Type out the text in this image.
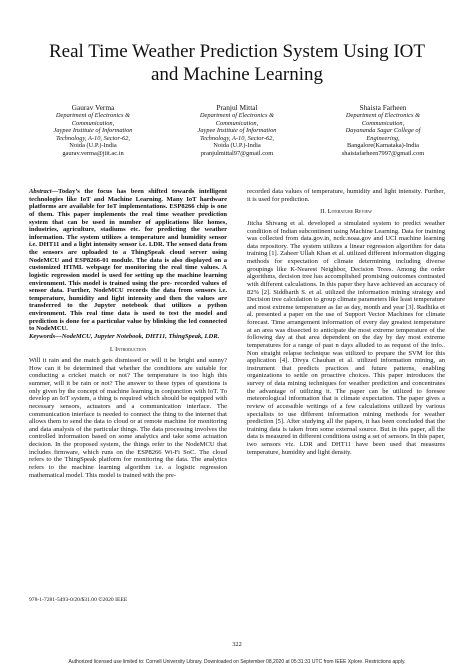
Real Time Weather Prediction System Using IOT
and Machine Learning
Gaurav Verma
Department of Electronics &
Communication,
Jaypee Institute of Information
Technology, A-10, Sector-62,
Noida (U.P.)-India
gaurav.verma@jiit.ac.in
Pranjul Mittal
Department of Electronics &
Communication,
Jaypee Institute of Information
Technology, A-10, Sector-62,
Noida (U.P.)-India
pranjulmittal97@gmail.com
Shaista Farheen
Department of Electronics &
Communication,
Dayananda Sagar College of
Engineering,
Bangalore(Karnataka)-India
shaistafarheen7997@gmail.com

Abstract—Today’s the focus has been shifted towards intelligent technologies like IoT and Machine Learning. Many IoT hardware platforms are available for IoT implementations. ESP8266 chip is one of them. This paper implements the real time weather prediction system that can be used in number of applications like homes, industries, agriculture, stadiums etc. for predicting the weather information. The system utilizes a temperature and humidity sensor i.e. DHT11 and a light intensity sensor i.e. LDR. The sensed data from the sensors are uploaded to a ThingSpeak cloud server using NodeMCU and ESP8266-01 module. The data is also displayed on a customized HTML webpage for monitoring the real time values. A logistic regression model is used for setting up the machine learning environment. This model is trained using the pre- recorded values of sensor data. Further, NodeMCU records the data from sensors i.e. temperature, humidity and light intensity and then the values are transferred to the Jupyter notebook that utilizes a python environment. This real time data is used to test the model and prediction is done for a particular value by blinking the led connected to NodeMCU.

Keywords—NodeMCU, Jupyter Notebook, DHT11, ThingSpeak, LDR.

I. Introduction

Will it rain and the match gets dismissed or will it be bright and sunny? How can it be determined that whether the conditions are suitable for conducting a cricket match or not? The temperature is too high this summer, will it be rain or not? The answer to these types of questions is only given by the concept of machine learning in conjunction with IoT. To develop an IoT system, a thing is required which should be equipped with necessary sensors, actuators and a communication interface. The communication interface is needed to connect the thing to the internet that allows them to send the data to cloud or at remote machine for monitoring and data analysis of the particular things. The data processing involves the controlled information based on some analytics and take some actuation decision. In the proposed system, the things refer to the NodeMCU that includes firmware, which runs on the ESP8266 Wi-Fi SoC. The cloud refers to the ThingSpeak platform for monitoring the data. The analytics refers to the machine learning algorithm i.e. a logistic regression mathematical model. This model is trained with the pre-

recorded data values of temperature, humidity and light intensity. Further, it is used for prediction.

II. Literature Review

Jitcha Shivang et al. developed a simulated system to predict weather condition of Indian subcontinent using Machine Learning. Data for training was collected from data.gov.in, ncdc.noaa.gov and UCI machine learning data repository. The system utilizes a linear regression algorithm for data training [1]. Zaheer Ullah Khan et al. utilized different information digging methods for expectation of climate determining including diverse groupings like K-Nearest Neighbor, Decision Trees. Among the order algorithms, decision tree has accomplished promising outcomes contrasted with different calculations. In this paper they have achieved an accuracy of 82% [2]. Siddharth S. et al. utilized the information mining strategy and Decision tree calculation to group climate parameters like least temperature and most extreme temperature as far as day, month and year [3]. Radhika et al. presented a paper on the use of Support Vector Machines for climate forecast. Time arrangement information of every day greatest temperature at an area was dissected to anticipate the most extreme temperature of the following day at that area dependent on the day by day most extreme temperatures for a range of past n days alluded to as request of the info.. Non straight relapse technique was utilized to prepare the SVM for this application [4]. Divya Chauhan et al. utilized information mining, an instrument that predicts practices and future patterns, enabling organizations to settle on proactive choices. This paper introduces the survey of data mining techniques for weather prediction and concentrates the advantage of utilizing it. The paper can be utilized to foresee meteorological information that is climate expectation. The paper gives a review of accessible writings of a few calculations utilized by various specialists to use different information mining methods for weather prediction [5]. After studying all the papers, it has been concluded that the training data is taken from some external source. But in this paper, all the data is measured in different conditions using a set of sensors. In this paper, two sensors viz. LDR and DHT11 have been used that measures temperature, humidity and light density.

978-1-7281-5493-0/20/$31.00 ©2020 IEEE
322
Authorized licensed use limited to: Cornell University Library. Downloaded on September 08,2020 at 05:31:31 UTC from IEEE Xplore. Restrictions apply.
